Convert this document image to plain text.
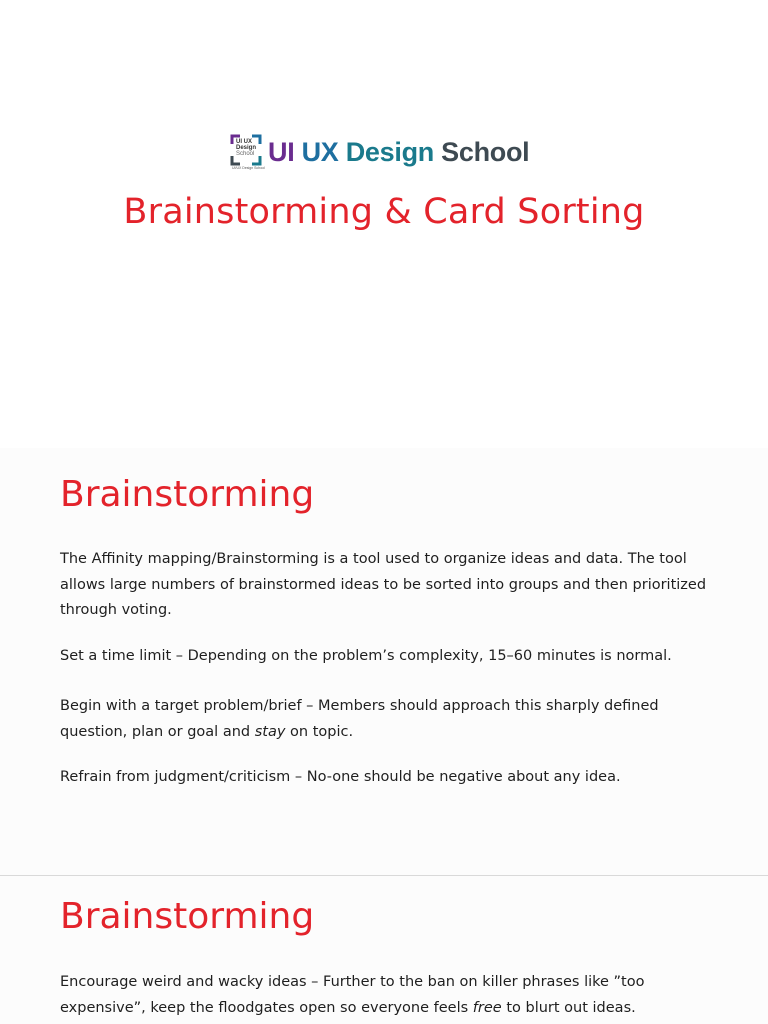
UI UX
Design
School
UI/UX Design School
UI UX Design School
Brainstorming & Card Sorting
Brainstorming

The Affinity mapping/Brainstorming is a tool used to organize ideas and data. The tool allows large numbers of brainstormed ideas to be sorted into groups and then prioritized through voting.

Set a time limit – Depending on the problem’s complexity, 15–60 minutes is normal.

Begin with a target problem/brief – Members should approach this sharply defined question, plan or goal and stay on topic.

Refrain from judgment/criticism – No-one should be negative about any idea.

Brainstorming

Encourage weird and wacky ideas – Further to the ban on killer phrases like ”too expensive”, keep the floodgates open so everyone feels free to blurt out ideas.
